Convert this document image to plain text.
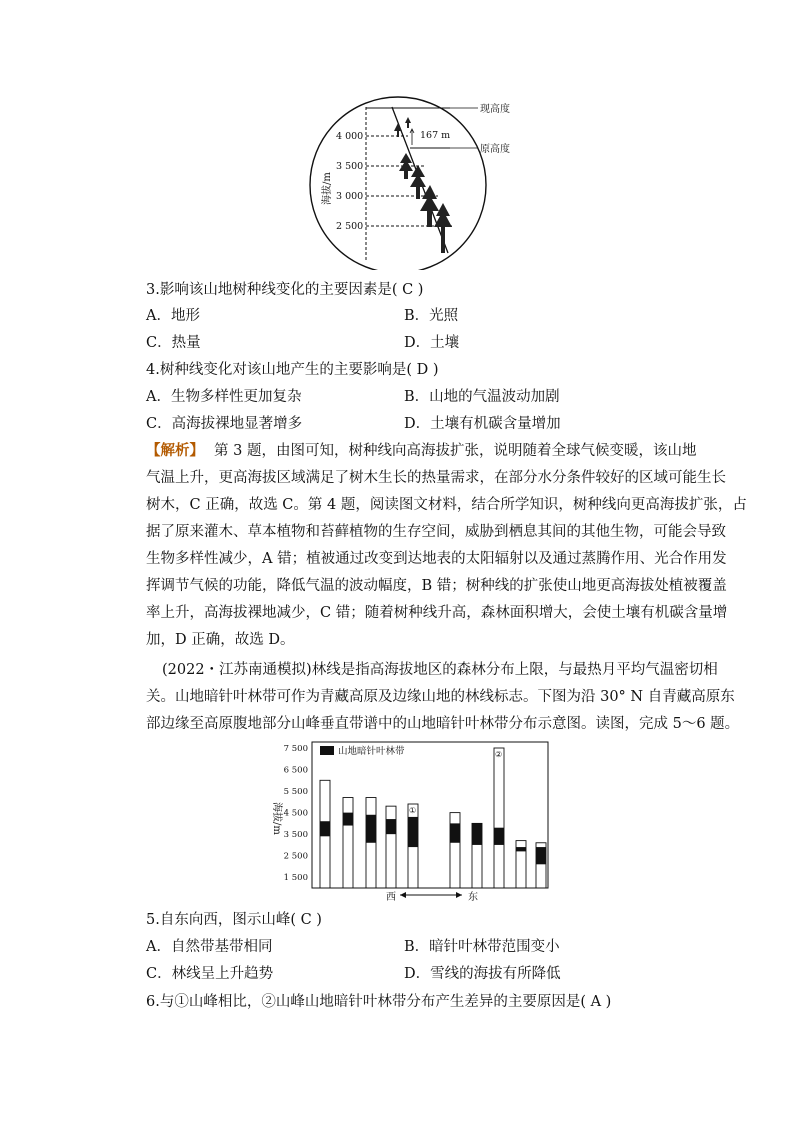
海拔/m
4 000
3 500
3 000
2 500
现高度
原高度
167 m
3.影响该山地树种线变化的主要因素是( C )
A．地形	B．光照
C．热量	D．土壤
4.树种线变化对该山地产生的主要影响是( D )
A．生物多样性更加复杂	B．山地的气温波动加剧
C．高海拔裸地显著增多	D．土壤有机碳含量增加
【解析】 第 3 题，由图可知，树种线向高海拔扩张，说明随着全球气候变暖，该山地
气温上升，更高海拔区域满足了树木生长的热量需求，在部分水分条件较好的区域可能生长
树木，C 正确，故选 C。第 4 题，阅读图文材料，结合所学知识，树种线向更高海拔扩张，占
据了原来灌木、草本植物和苔藓植物的生存空间，威胁到栖息其间的其他生物，可能会导致
生物多样性减少，A 错；植被通过改变到达地表的太阳辐射以及通过蒸腾作用、光合作用发
挥调节气候的功能，降低气温的波动幅度，B 错；树种线的扩张使山地更高海拔处植被覆盖
率上升，高海拔裸地减少，C 错；随着树种线升高，森林面积增大，会使土壤有机碳含量增
加，D 正确，故选 D。
(2022・江苏南通模拟)林线是指高海拔地区的森林分布上限，与最热月平均气温密切相
关。山地暗针叶林带可作为青藏高原及边缘山地的林线标志。下图为沿 30° N 自青藏高原东
部边缘至高原腹地部分山峰垂直带谱中的山地暗针叶林带分布示意图。读图，完成 5～6 题。
7 500
6 500
5 500
4 500
3 500
2 500
1 500
①
②
山地暗针叶林带
海拔/m
西	东
5.自东向西，图示山峰( C )
A．自然带基带相同	B．暗针叶林带范围变小
C．林线呈上升趋势	D．雪线的海拔有所降低
6.与①山峰相比，②山峰山地暗针叶林带分布产生差异的主要原因是( A )
